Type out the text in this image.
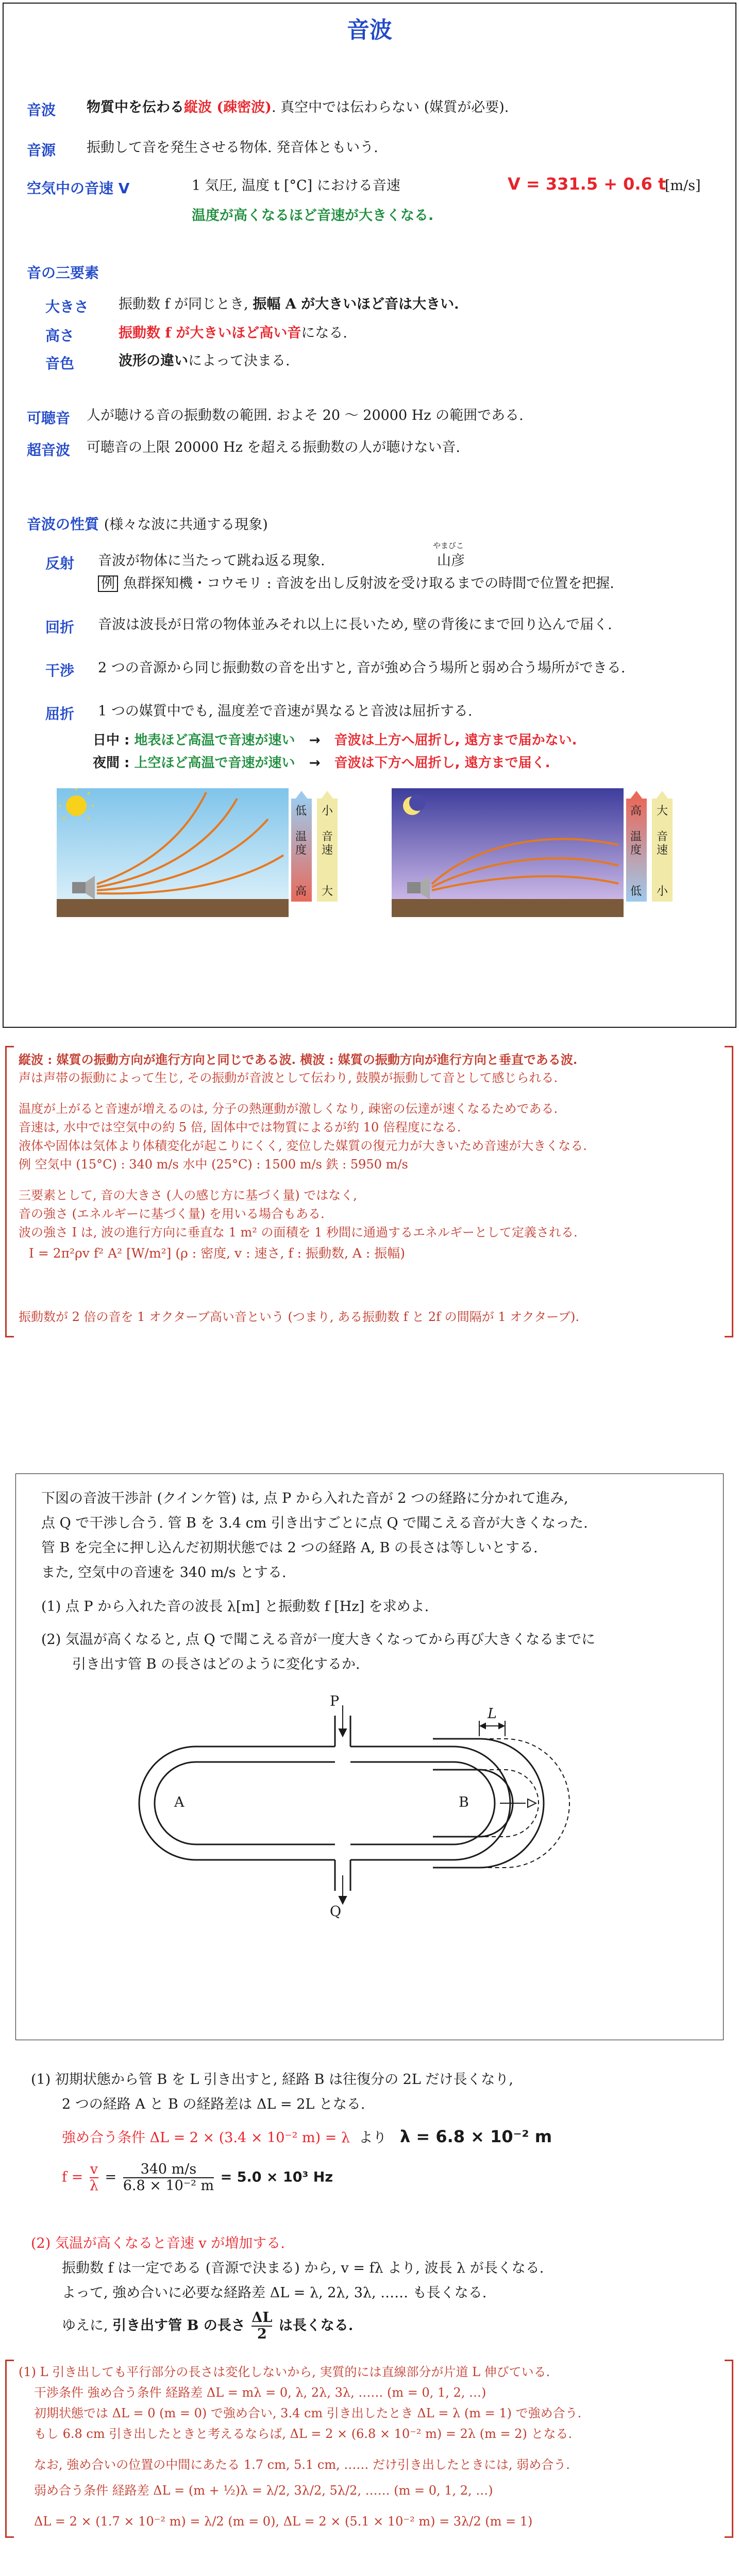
音波
音波 物質中を伝わる縦波 (疎密波). 真空中では伝わらない (媒質が必要).
音源 振動して音を発生させる物体. 発音体ともいう.
空気中の音速 V	1 気圧, 温度 t [°C] における音速	V = 331.5 + 0.6 t
[m/s]
温度が高くなるほど音速が大きくなる.
音の三要素
大きさ 振動数 f が同じとき, 振幅 A が大きいほど音は大きい.
高さ	振動数 f が大きいほど高い音になる.
音色	波形の違いによって決まる.
可聴音 人が聴ける音の振動数の範囲. およそ 20 〜 20000 Hz の範囲である.
超音波 可聴音の上限 20000 Hz を超える振動数の人が聴けない音.
音波の性質 (様々な波に共通する現象)
反射 音波が物体に当たって跳ね返る現象.
やまびこ
山彦
例 魚群探知機・コウモリ : 音波を出し反射波を受け取るまでの時間で位置を把握.
回折 音波は波長が日常の物体並みそれ以上に長いため, 壁の背後にまで回り込んで届く.
干渉 2 つの音源から同じ振動数の音を出すと, 音が強め合う場所と弱め合う場所ができる.
屈折 1 つの媒質中でも, 温度差で音速が異なると音波は屈折する.
日中 : 地表ほど高温で音速が速い → 音波は上方へ屈折し, 遠方まで届かない.
夜間 : 上空ほど高温で音速が速い → 音波は下方へ屈折し, 遠方まで届く.
低
温度
高
小
音速
大
高
温度
低
大
音速
小
縦波 : 媒質の振動方向が進行方向と同じである波. 横波 : 媒質の振動方向が進行方向と垂直である波.
声は声帯の振動によって生じ, その振動が音波として伝わり, 鼓膜が振動して音として感じられる.
温度が上がると音速が増えるのは, 分子の熱運動が激しくなり, 疎密の伝達が速くなるためである.
音速は, 水中では空気中の約 5 倍, 固体中では物質によるが約 10 倍程度になる.
液体や固体は気体より体積変化が起こりにくく, 変位した媒質の復元力が大きいため音速が大きくなる.
例 空気中 (15°C) : 340 m/s 水中 (25°C) : 1500 m/s 鉄 : 5950 m/s
三要素として, 音の大きさ (人の感じ方に基づく量) ではなく,
音の強さ (エネルギーに基づく量) を用いる場合もある.
波の強さ I は, 波の進行方向に垂直な 1 m² の面積を 1 秒間に通過するエネルギーとして定義される.
I = 2π²ρv f² A² [W/m²] (ρ : 密度, v : 速さ, f : 振動数, A : 振幅)
振動数が 2 倍の音を 1 オクターブ高い音という (つまり, ある振動数 f と 2f の間隔が 1 オクターブ).
下図の音波干渉計 (クインケ管) は, 点 P から入れた音が 2 つの経路に分かれて進み,
点 Q で干渉し合う. 管 B を 3.4 cm 引き出すごとに点 Q で聞こえる音が大きくなった.
管 B を完全に押し込んだ初期状態では 2 つの経路 A, B の長さは等しいとする.
また, 空気中の音速を 340 m/s とする.
(1) 点 P から入れた音の波長 λ[m] と振動数 f [Hz] を求めよ.
(2) 気温が高くなると, 点 Q で聞こえる音が一度大きくなってから再び大きくなるまでに
引き出す管 B の長さはどのように変化するか.
P
Q
A	B
L
(1) 初期状態から管 B を L 引き出すと, 経路 B は往復分の 2L だけ長くなり,
2 つの経路 A と B の経路差は ΔL = 2L となる.
強め合う条件 ΔL = 2 × (3.4 × 10⁻² m) = λ より λ = 6.8 × 10⁻² m
$f = \frac{v}{\lambda} = \frac{340 m/s}{\text{6.8 × 10⁻² m}} = 5.0 \times 10^3$ Hz
(2) 気温が高くなると音速 v が増加する.
振動数 f は一定である (音源で決まる) から, v = fλ より, 波長 λ が長くなる.
よって, 強め合いに必要な経路差 ΔL = λ, 2λ, 3λ, …… も長くなる.
ゆえに, 引き出す管 B の長さ $\frac{\Delta L}{2}$ は長くなる.
(1) L 引き出しても平行部分の長さは変化しないから, 実質的には直線部分が片道 L 伸びている.
干渉条件 強め合う条件 経路差 ΔL = mλ = 0, λ, 2λ, 3λ, …… (m = 0, 1, 2, …)
初期状態では ΔL = 0 (m = 0) で強め合い, 3.4 cm 引き出したとき ΔL = λ (m = 1) で強め合う.
もし 6.8 cm 引き出したときと考えるならば, ΔL = 2 × (6.8 × 10⁻² m) = 2λ (m = 2) となる.
なお, 強め合いの位置の中間にあたる 1.7 cm, 5.1 cm, …… だけ引き出したときには, 弱め合う.
弱め合う条件 経路差 ΔL = (m + ½)λ = λ/2, 3λ/2, 5λ/2, …… (m = 0, 1, 2, …)
ΔL = 2 × (1.7 × 10⁻² m) = λ/2 (m = 0), ΔL = 2 × (5.1 × 10⁻² m) = 3λ/2 (m = 1)
